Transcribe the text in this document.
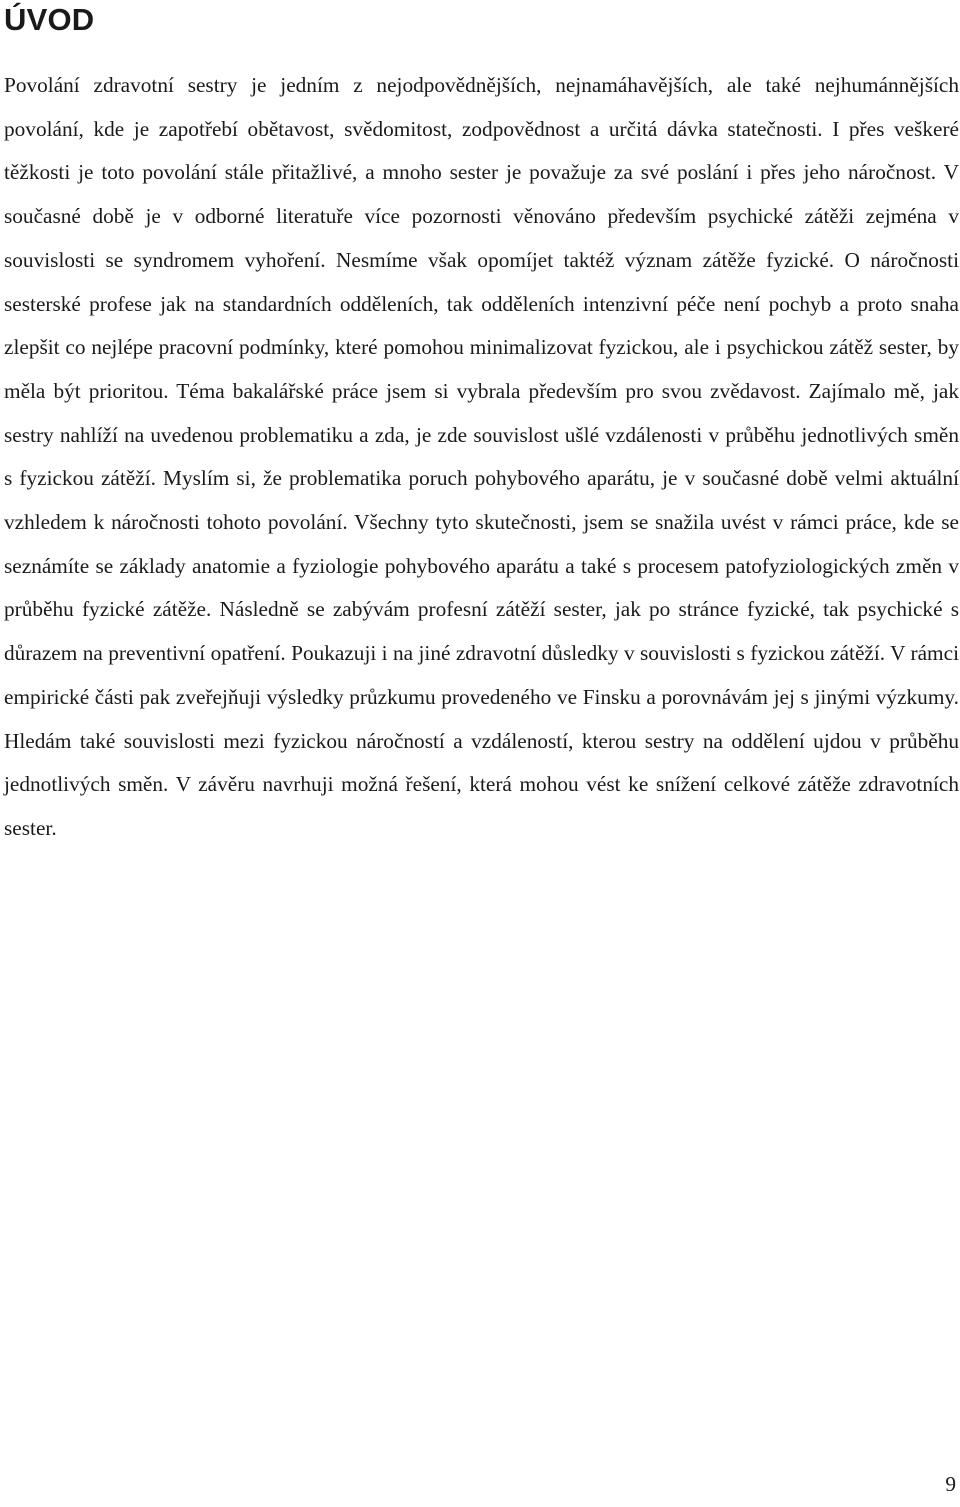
ÚVOD

Povolání zdravotní sestry je jedním z nejodpovědnějších, nejnamáhavějších, ale také nejhumánnějších povolání, kde je zapotřebí obětavost, svědomitost, zodpovědnost a určitá dávka statečnosti. I přes veškeré těžkosti je toto povolání stále přitažlivé, a mnoho sester je považuje za své poslání i přes jeho náročnost. V současné době je v odborné literatuře více pozornosti věnováno především psychické zátěži zejména v souvislosti se syndromem vyhoření. Nesmíme však opomíjet taktéž význam zátěže fyzické. O náročnosti sesterské profese jak na standardních odděleních, tak odděleních intenzivní péče není pochyb a proto snaha zlepšit co nejlépe pracovní podmínky, které pomohou minimalizovat fyzickou, ale i psychickou zátěž sester, by měla být prioritou. Téma bakalářské práce jsem si vybrala především pro svou zvědavost. Zajímalo mě, jak sestry nahlíží na uvedenou problematiku a zda, je zde souvislost ušlé vzdálenosti v průběhu jednotlivých směn s fyzickou zátěží. Myslím si, že problematika poruch pohybového aparátu, je v současné době velmi aktuální vzhledem k náročnosti tohoto povolání. Všechny tyto skutečnosti, jsem se snažila uvést v rámci práce, kde se seznámíte se základy anatomie a fyziologie pohybového aparátu a také s procesem patofyziologických změn v průběhu fyzické zátěže. Následně se zabývám profesní zátěží sester, jak po stránce fyzické, tak psychické s důrazem na preventivní opatření. Poukazuji i na jiné zdravotní důsledky v souvislosti s fyzickou zátěží. V rámci empirické části pak zveřejňuji výsledky průzkumu provedeného ve Finsku a porovnávám jej s jinými výzkumy. Hledám také souvislosti mezi fyzickou náročností a vzdáleností, kterou sestry na oddělení ujdou v průběhu jednotlivých směn. V závěru navrhuji možná řešení, která mohou vést ke snížení celkové zátěže zdravotních sester.

9
